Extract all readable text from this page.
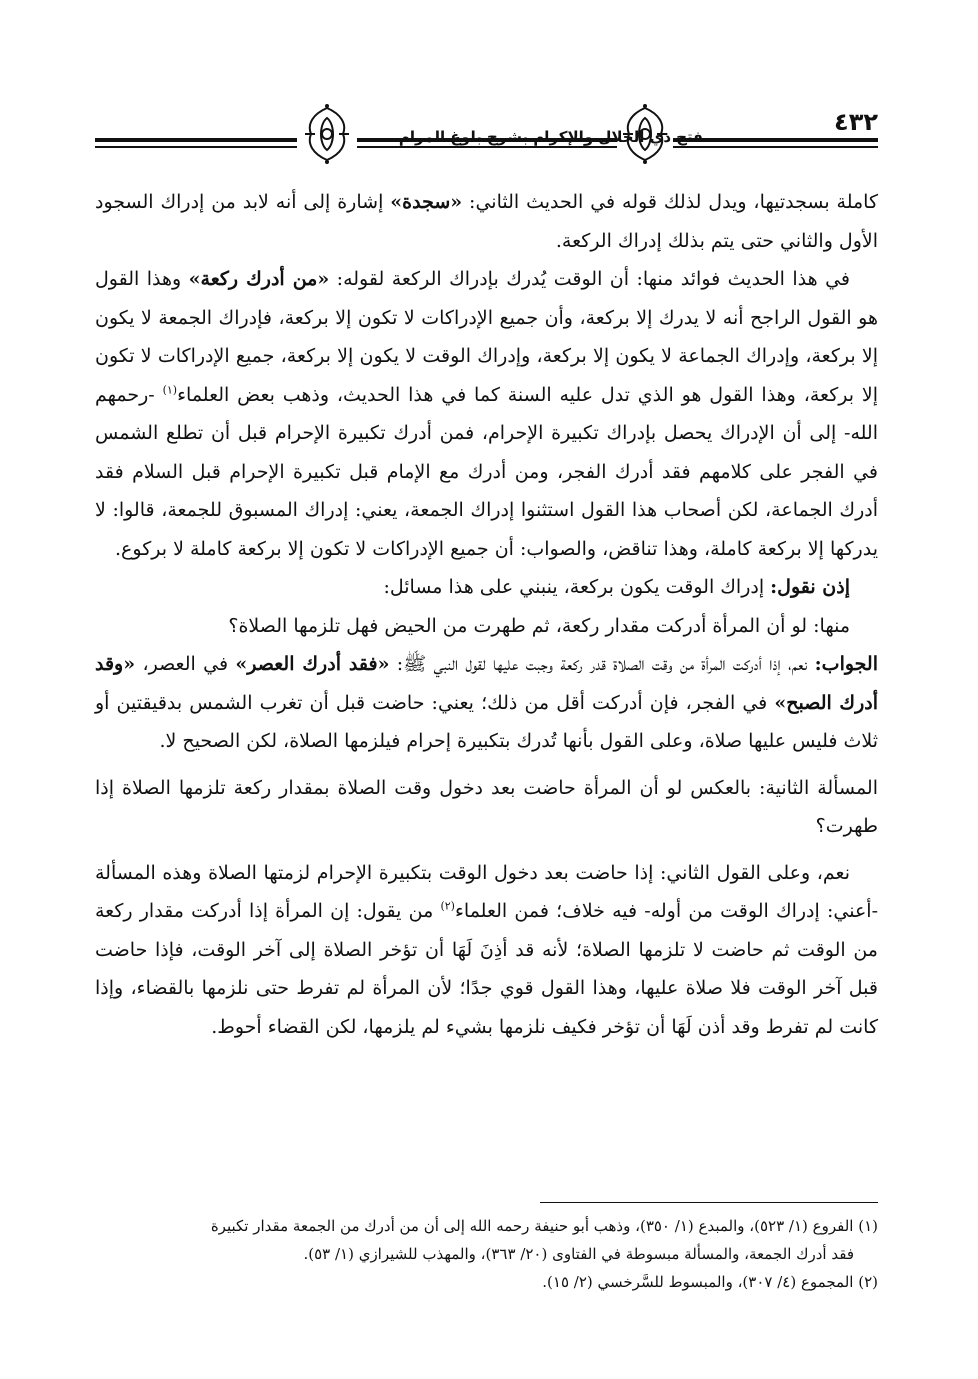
فتح ذي الجلال والإكرام بشرح بلوغ المرام
٤٣٢

كاملة بسجدتيها، ويدل لذلك قوله في الحديث الثاني: «سجدة» إشارة إلى أنه لابد من إدراك السجود الأول والثاني حتى يتم بذلك إدراك الركعة.

في هذا الحديث فوائد منها: أن الوقت يُدرك بإدراك الركعة لقوله: «من أدرك ركعة» وهذا القول هو القول الراجح أنه لا يدرك إلا بركعة، وأن جميع الإدراكات لا تكون إلا بركعة، فإدراك الجمعة لا يكون إلا بركعة، وإدراك الجماعة لا يكون إلا بركعة، وإدراك الوقت لا يكون إلا بركعة، جميع الإدراكات لا تكون إلا بركعة، وهذا القول هو الذي تدل عليه السنة كما في هذا الحديث، وذهب بعض العلماء$^{(١)}$ -رحمهم الله- إلى أن الإدراك يحصل بإدراك تكبيرة الإحرام، فمن أدرك تكبيرة الإحرام قبل أن تطلع الشمس في الفجر على كلامهم فقد أدرك الفجر، ومن أدرك مع الإمام قبل تكبيرة الإحرام قبل السلام فقد أدرك الجماعة، لكن أصحاب هذا القول استثنوا إدراك الجمعة، يعني: إدراك المسبوق للجمعة، قالوا: لا يدركها إلا بركعة كاملة، وهذا تناقض، والصواب: أن جميع الإدراكات لا تكون إلا بركعة كاملة لا بركوع.

إذن نقول: إدراك الوقت يكون بركعة، ينبني على هذا مسائل:

منها: لو أن المرأة أدركت مقدار ركعة، ثم طهرت من الحيض فهل تلزمها الصلاة؟

الجواب: نعم، إذا أدركت المرأة من وقت الصلاة قدر ركعة وجبت عليها لقول النبي ﷺ: «فقد أدرك العصر» في العصر، «وقد أدرك الصبح» في الفجر، فإن أدركت أقل من ذلك؛ يعني: حاضت قبل أن تغرب الشمس بدقيقتين أو ثلاث فليس عليها صلاة، وعلى القول بأنها تُدرك بتكبيرة إحرام فيلزمها الصلاة، لكن الصحيح لا.

المسألة الثانية: بالعكس لو أن المرأة حاضت بعد دخول وقت الصلاة بمقدار ركعة تلزمها الصلاة إذا طهرت؟

نعم، وعلى القول الثاني: إذا حاضت بعد دخول الوقت بتكبيرة الإحرام لزمتها الصلاة وهذه المسألة -أعني: إدراك الوقت من أوله- فيه خلاف؛ فمن العلماء$^{(٢)}$ من يقول: إن المرأة إذا أدركت مقدار ركعة من الوقت ثم حاضت لا تلزمها الصلاة؛ لأنه قد أذِنَ لَهَا أن تؤخر الصلاة إلى آخر الوقت، فإذا حاضت قبل آخر الوقت فلا صلاة عليها، وهذا القول قوي جدًا؛ لأن المرأة لم تفرط حتى نلزمها بالقضاء، وإذا كانت لم تفرط وقد أذن لَهَا أن تؤخر فكيف نلزمها بشيء لم يلزمها، لكن القضاء أحوط.

(١) الفروع (١/ ٥٢٣)، والمبدع (١/ ٣٥٠)، وذهب أبو حنيفة رحمه الله إلى أن من أدرك من الجمعة مقدار تكبيرة

فقد أدرك الجمعة، والمسألة مبسوطة في الفتاوى (٢٠/ ٣٦٣)، والمهذب للشيرازي (١/ ٥٣).

(٢) المجموع (٤/ ٣٠٧)، والمبسوط للسَّرخسي (٢/ ١٥).
